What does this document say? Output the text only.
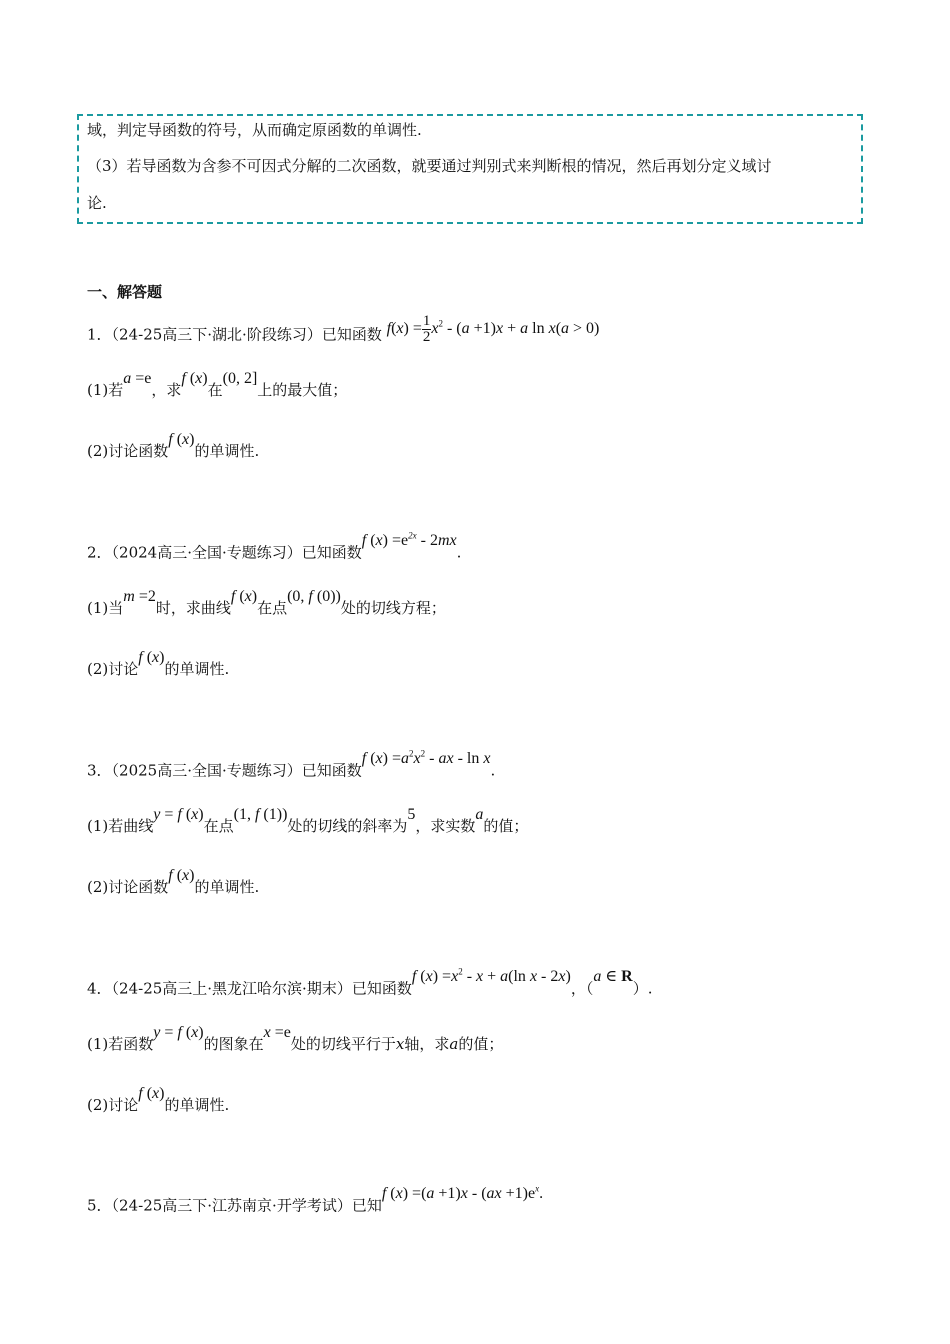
域，判定导函数的符号，从而确定原函数的单调性.
（3）若导函数为含参不可因式分解的二次函数，就要通过判别式来判断根的情况，然后再划分定义域讨
论.
一、解答题
1．（24-25高三下·湖北·阶段练习）已知函数 $f(x) = \frac{1}{2} x^2 - (a +1)x + a$ ln x(a > 0)
(1)若a =e，求f (x)在(0, 2]上的最大值；
(2)讨论函数f (x)的单调性.
2．（2024高三·全国·专题练习）已知函数f $(x) =e^{2x} - 2mx$.
(1)当m =2时，求曲线f (x)在点(0, f (0))处的切线方程；
(2)讨论f (x)的单调性.
3．（2025高三·全国·专题练习）已知函数f $(x) =a^2x^2$ - ax - ln x.
(1)若曲线y = f (x)在点(1, f (1))处的切线的斜率为5，求实数a的值；
(2)讨论函数f (x)的单调性.
4．（24-25高三上·黑龙江哈尔滨·期末）已知函数f $(x) =x^2 - x + a(\ln$ x - 2x)，（a ∈ R）.
(1)若函数y = f (x)的图象在x =e处的切线平行于x轴，求a的值；
(2)讨论f (x)的单调性.
5．（24-25高三下·江苏南京·开学考试）已知f $(x) =(a +1)x - (ax +1)e^x$.
